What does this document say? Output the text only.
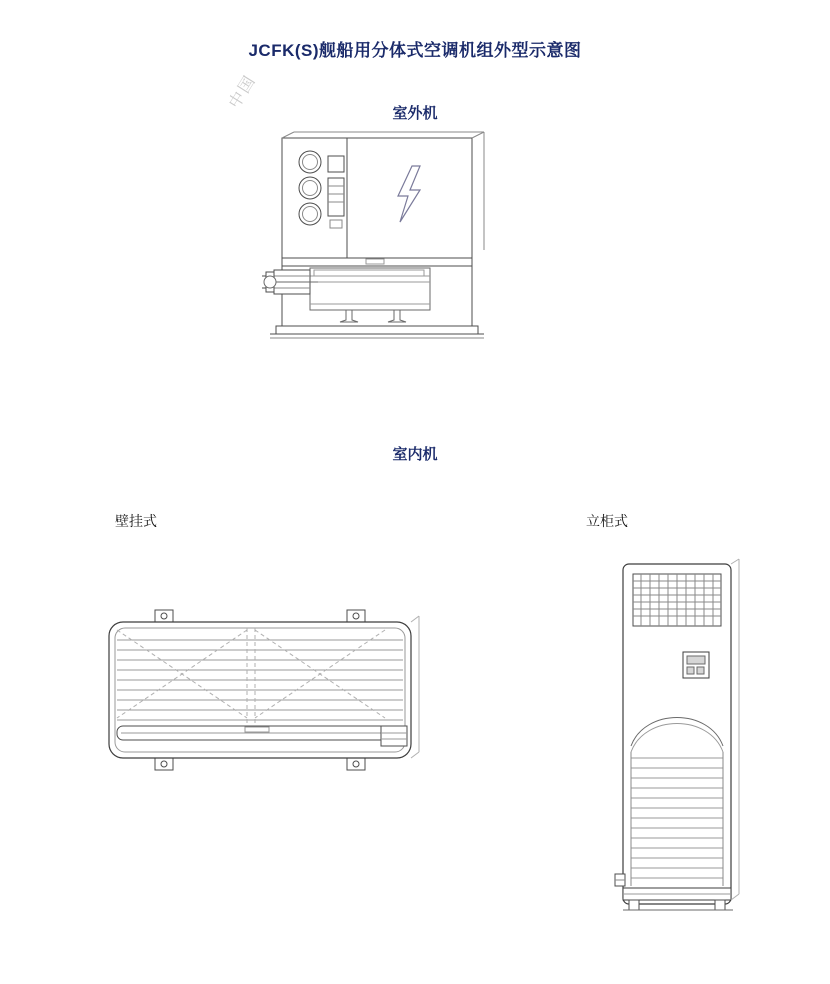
JCFK(S)舰船用分体式空调机组外型示意图
中国
室外机
室内机
壁挂式	立柜式
